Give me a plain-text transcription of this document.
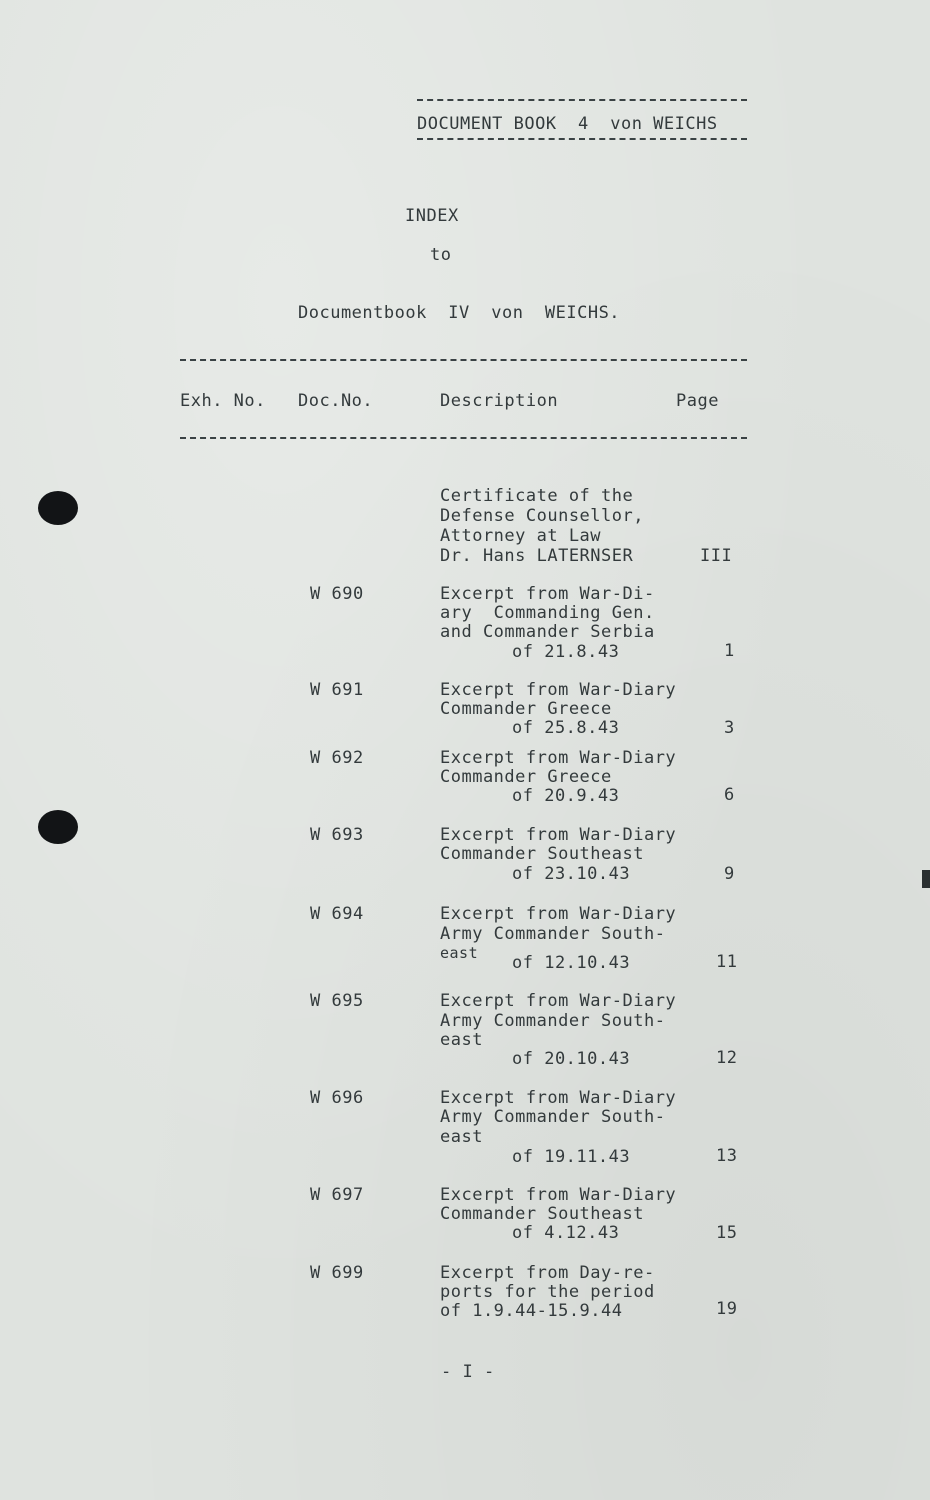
DOCUMENT BOOK  4  von WEICHS
INDEX
to
Documentbook  IV  von  WEICHS.
Exh. No. Doc.No.	Description	Page
Certificate of the
Defense Counsellor,
Attorney at Law
Dr. Hans LATERNSER	III
W 690	Excerpt from War-Di-
ary  Commanding Gen.
and Commander Serbia
of 21.8.43	1
W 691	Excerpt from War-Diary
Commander Greece
of 25.8.43	3
W 692	Excerpt from War-Diary
Commander Greece
of 20.9.43	6
W 693	Excerpt from War-Diary
Commander Southeast
of 23.10.43	9
W 694	Excerpt from War-Diary
Army Commander South-
east of 12.10.43	11
W 695	Excerpt from War-Diary
Army Commander South-
east
of 20.10.43	12
W 696	Excerpt from War-Diary
Army Commander South-
east
of 19.11.43	13
W 697	Excerpt from War-Diary
Commander Southeast
of 4.12.43	15
W 699	Excerpt from Day-re-
ports for the period
of 1.9.44-15.9.44	19
- I -
